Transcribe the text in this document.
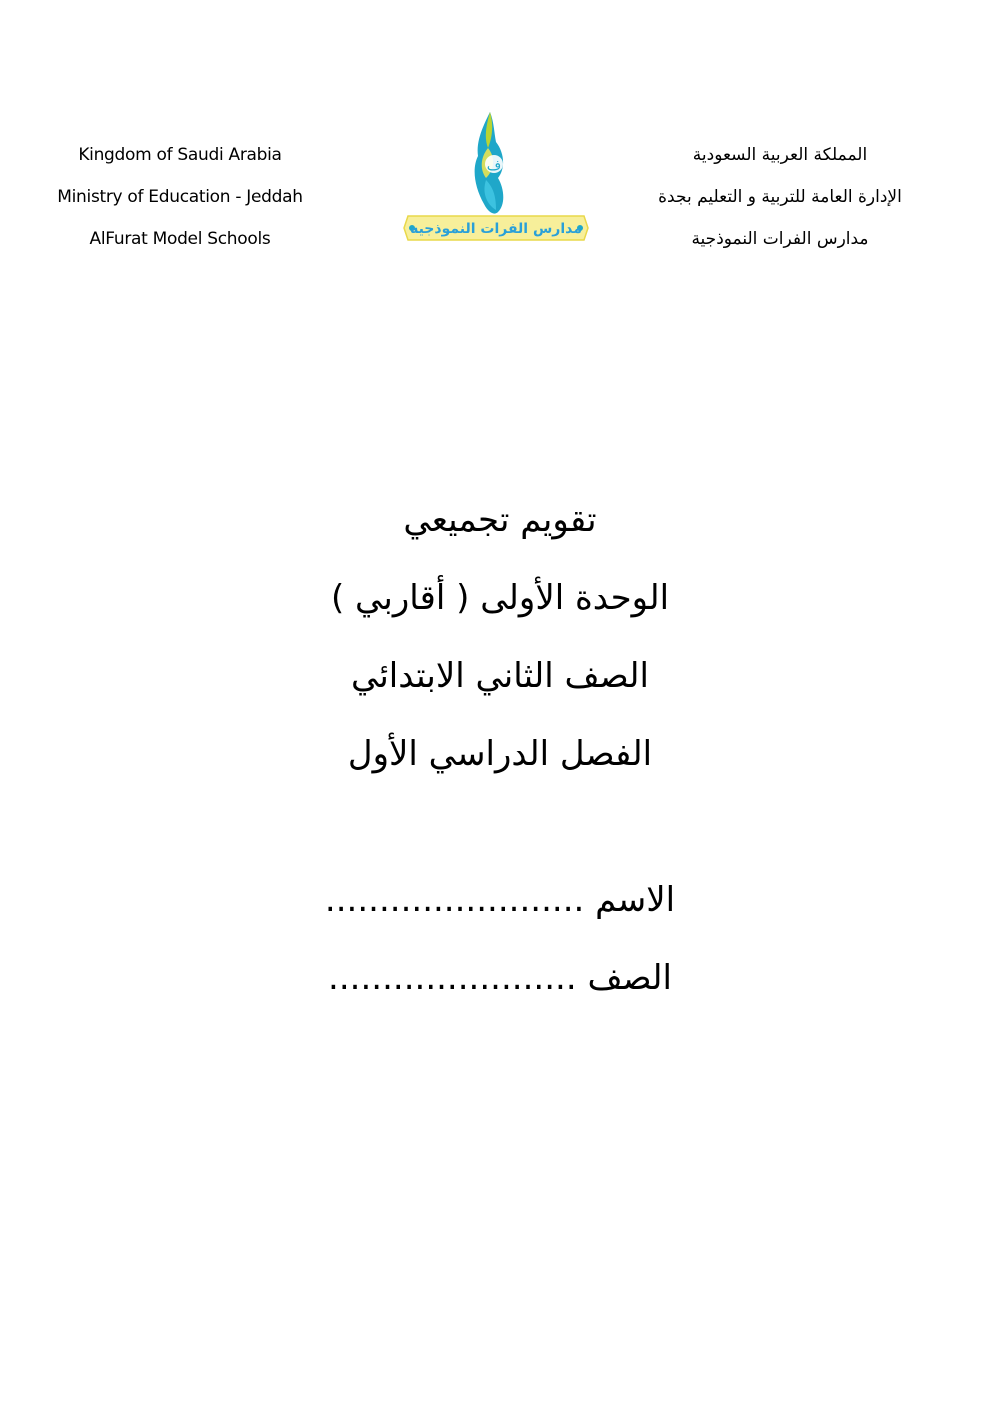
Kingdom of Saudi Arabia
Ministry of Education - Jeddah
AlFurat Model Schools
ف
مدارس الفرات النموذجيه
المملكة العربية السعودية
الإدارة العامة للتربية و التعليم بجدة
مدارس الفرات النموذجية
تقويم تجميعي
الوحدة الأولى ( أقاربي )
الصف الثاني الابتدائي
الفصل الدراسي الأول
الاسم ........................
الصف .......................
